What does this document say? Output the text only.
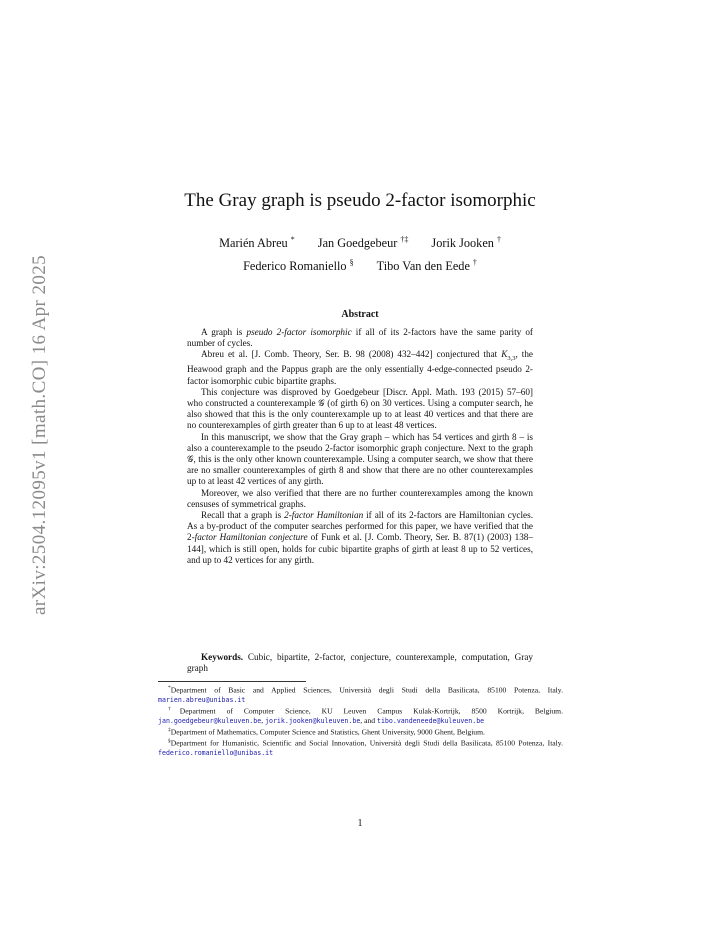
arXiv:2504.12095v1 [math.CO] 16 Apr 2025
The Gray graph is pseudo 2-factor isomorphic
Marién Abreu * Jan Goedgebeur †‡ Jorik Jooken †
Federico Romaniello § Tibo Van den Eede †
Abstract

A graph is pseudo 2-factor isomorphic if all of its 2-factors have the same parity of number of cycles.

Abreu et al. [J. Comb. Theory, Ser. B. 98 (2008) 432–442] conjectured that $K_{3,3}$, the Heawood graph and the Pappus graph are the only essentially 4-edge-connected pseudo 2-factor isomorphic cubic bipartite graphs.

This conjecture was disproved by Goedgebeur [Discr. Appl. Math. 193 (2015) 57–60] who constructed a counterexample 𝒢 (of girth 6) on 30 vertices. Using a computer search, he also showed that this is the only counterexample up to at least 40 vertices and that there are no counterexamples of girth greater than 6 up to at least 48 vertices.

In this manuscript, we show that the Gray graph – which has 54 vertices and girth 8 – is also a counterexample to the pseudo 2-factor isomorphic graph conjecture. Next to the graph 𝒢, this is the only other known counterexample. Using a computer search, we show that there are no smaller counterexamples of girth 8 and show that there are no other counterexamples up to at least 42 vertices of any girth.

Moreover, we also verified that there are no further counterexamples among the known censuses of symmetrical graphs.

Recall that a graph is 2-factor Hamiltonian if all of its 2-factors are Hamiltonian cycles. As a by-product of the computer searches performed for this paper, we have verified that the 2-factor Hamiltonian conjecture of Funk et al. [J. Comb. Theory, Ser. B. 87(1) (2003) 138–144], which is still open, holds for cubic bipartite graphs of girth at least 8 up to 52 vertices, and up to 42 vertices for any girth.

Keywords. Cubic, bipartite, 2-factor, conjecture, counterexample, computation, Gray graph

*Department of Basic and Applied Sciences, Università degli Studi della Basilicata, 85100 Potenza, Italy. marien.abreu@unibas.it

†Department of Computer Science, KU Leuven Campus Kulak-Kortrijk, 8500 Kortrijk, Belgium. jan.goedgebeur@kuleuven.be, jorik.jooken@kuleuven.be, and tibo.vandeneede@kuleuven.be

‡Department of Mathematics, Computer Science and Statistics, Ghent University, 9000 Ghent, Belgium.

§Department for Humanistic, Scientific and Social Innovation, Università degli Studi della Basilicata, 85100 Potenza, Italy. federico.romaniello@unibas.it

1
